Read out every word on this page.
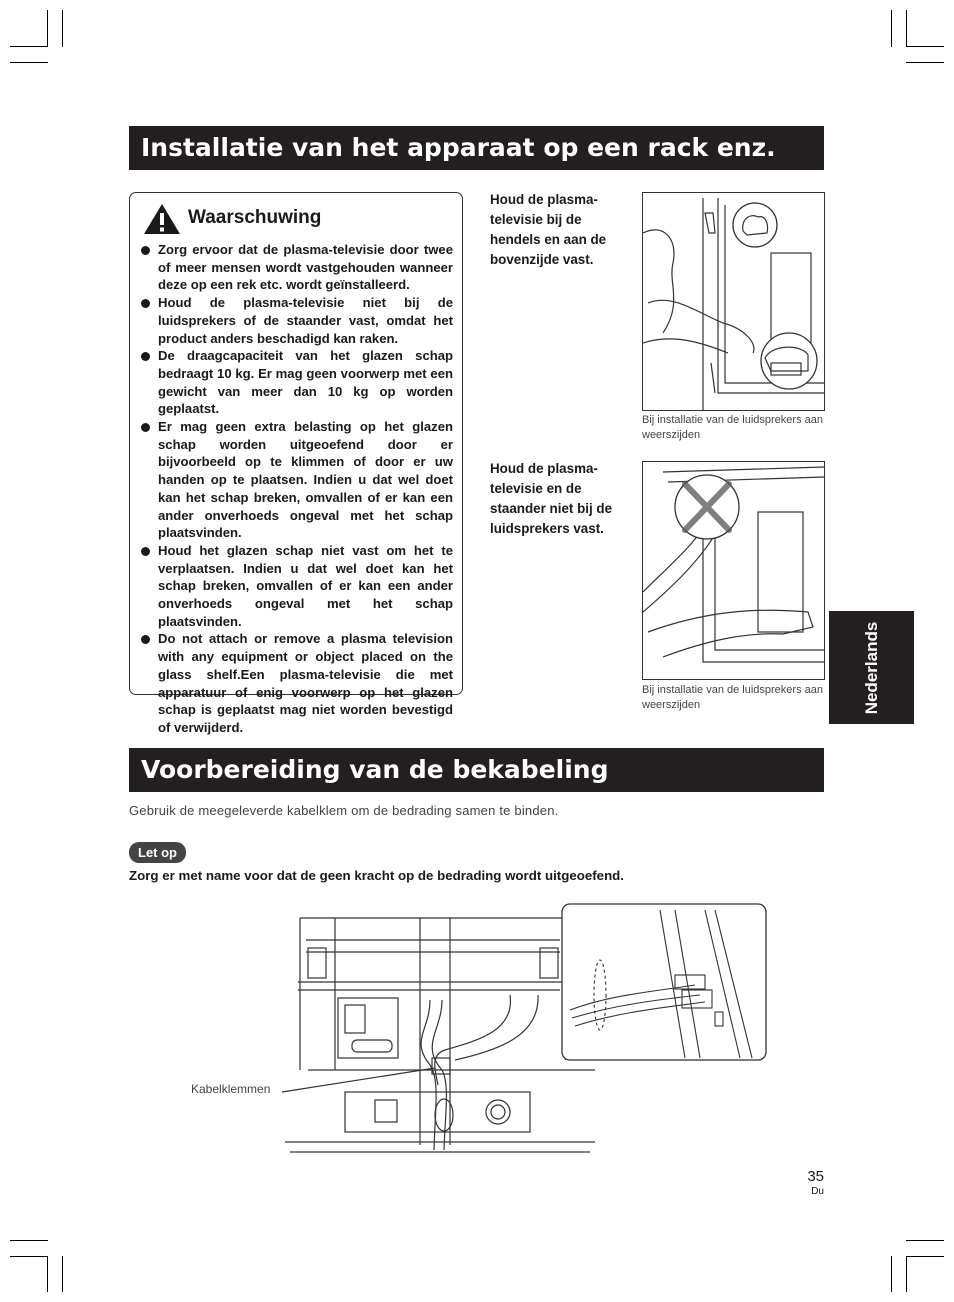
Installatie van het apparaat op een rack enz.
Waarschuwing
Zorg ervoor dat de plasma-televisie door twee of meer mensen wordt vastgehouden wanneer deze op een rek etc. wordt geïnstalleerd.
Houd de plasma-televisie niet bij de luidsprekers of de staander vast, omdat het product anders beschadigd kan raken.
De draagcapaciteit van het glazen schap bedraagt 10 kg. Er mag geen voorwerp met een gewicht van meer dan 10 kg op worden geplaatst.
Er mag geen extra belasting op het glazen schap worden uitgeoefend door er bijvoorbeeld op te klimmen of door er uw handen op te plaatsen. Indien u dat wel doet kan het schap breken, omvallen of er kan een ander onverhoeds ongeval met het schap plaatsvinden.
Houd het glazen schap niet vast om het te verplaatsen. Indien u dat wel doet kan het schap breken, omvallen of er kan een ander onverhoeds ongeval met het schap plaatsvinden.
Do not attach or remove a plasma television with any equipment or object placed on the glass shelf.Een plasma-televisie die met apparatuur of enig voorwerp op het glazen schap is geplaatst mag niet worden bevestigd of verwijderd.
Houd de plasma-televisie bij de hendels en aan de bovenzijde vast.
Bij installatie van de luidsprekers aan weerszijden
Houd de plasma-televisie en de staander niet bij de luidsprekers vast.
Bij installatie van de luidsprekers aan weerszijden	Nederlands
Voorbereiding van de bekabeling
Gebruik de meegeleverde kabelklem om de bedrading samen te binden.
Let op
Zorg er met name voor dat de geen kracht op de bedrading wordt uitgeoefend.
Kabelklemmen
35
Du
